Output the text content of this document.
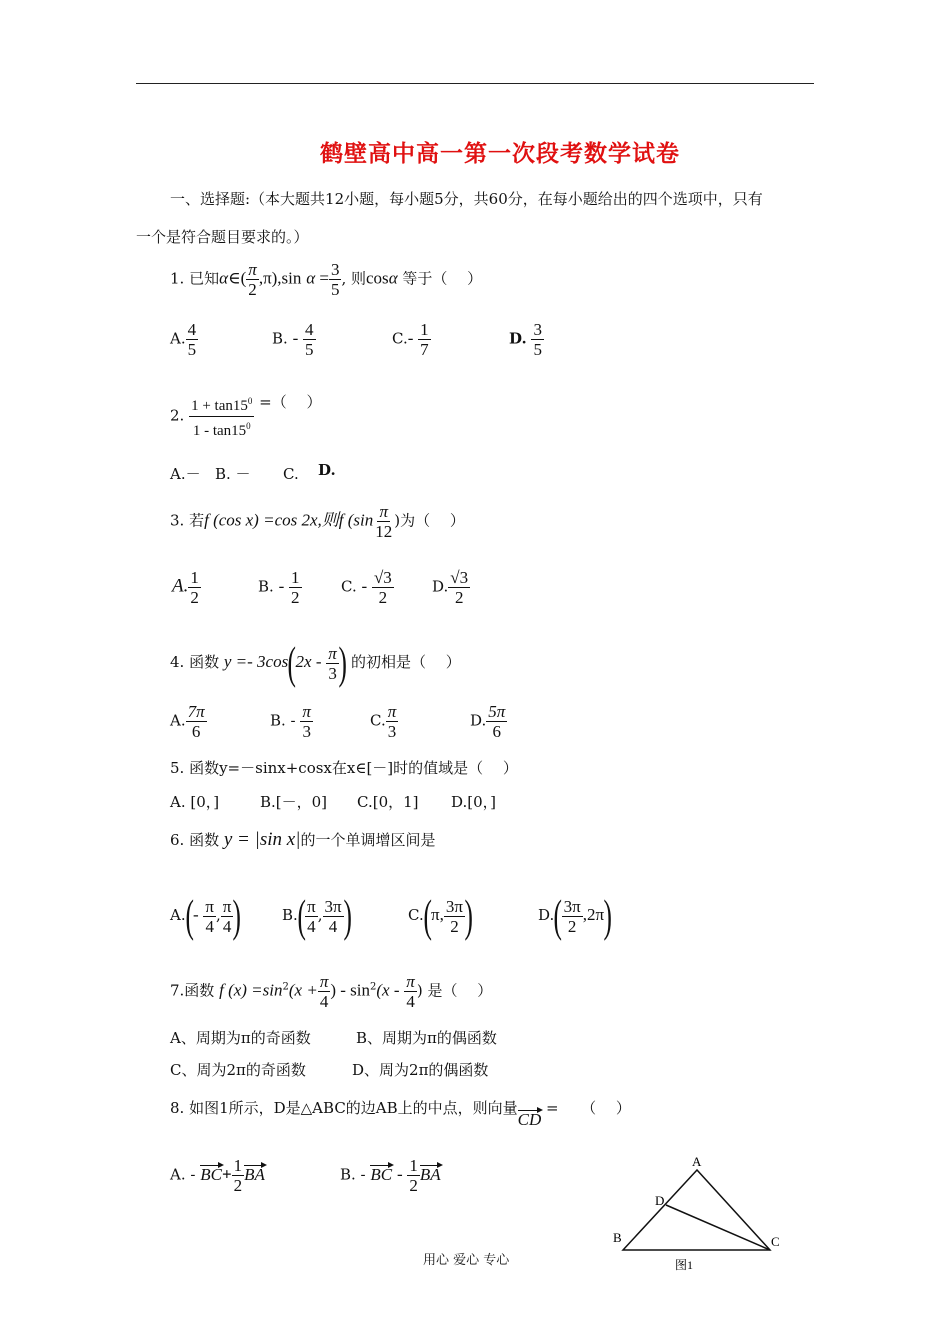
鹤壁高中高一第一次段考数学试卷
一、选择题:（本大题共12小题，每小题5分，共60分，在每小题给出的四个选项中，只有
一个是符合题目要求的。）
1. 已知α∈( $\frac{\pi}{2} ,\pi),\sin$ $\alpha = \frac{3}{5}$ , 则cosα 等于（　 ）
A. $\frac{4}{5}$	B. - $\frac{4}{5}$	$C.- \frac{1}{7}$	D. $\frac{3}{5}$
2. $\frac{1 + \tan 15^0}{1 - \tan 15^0}$ =（　 ）
A.－ B. － C. D.
3. 若f (cos x) =cos 2x,则f ($\sin \frac{\pi}{12}$ )为（　 ）
A. $\frac{1}{2}$	B. - $\frac{1}{2}$	C. - $\frac{√3}{2}$	D. $\frac{√3}{2}$
4. 函数 $y =- 3\cos(2x - \frac{\pi}{3}$ ) 的初相是（　 ）
A. $\frac{7\pi}{6}$	B. - $\frac{\pi}{3}$	C. $\frac{\pi}{3}$	D. $\frac{5\pi}{6}$
5. 函数y=－sinx+cosx在x∈[－]时的值域是（　 ）
A. [0，]	B.[－，0] C.[0，1] D.[0，]
6. 函数 y = |sin x|的一个单调增区间是
$A.(- \frac{\pi}{4}$ , $\frac{\pi}{4}$ )	$B.( \frac{\pi}{4}$ , $\frac{3\pi}{4}$ )	C.(π, $\frac{3\pi}{2}$ )	$D.( \frac{3\pi}{2} ,2\pi)$
7.函数 f $(x) =\sin^2(x + \frac{\pi}{4}$ ) - $\sin^2(x - \frac{\pi}{4}$ ) 是（　 ）
A、周期为π的奇函数	B、周期为π的偶函数
C、周为2π的奇函数	D、周为2π的偶函数
8. 如图1所示，D是△ABC的边AB上的中点，则向量CD =　　（　 ）
A. - $BC+ \frac{1}{2}$ BA	B. - BC - $\frac{1}{2}$ BA
A
B	C
D
图1
用心 爱心 专心
